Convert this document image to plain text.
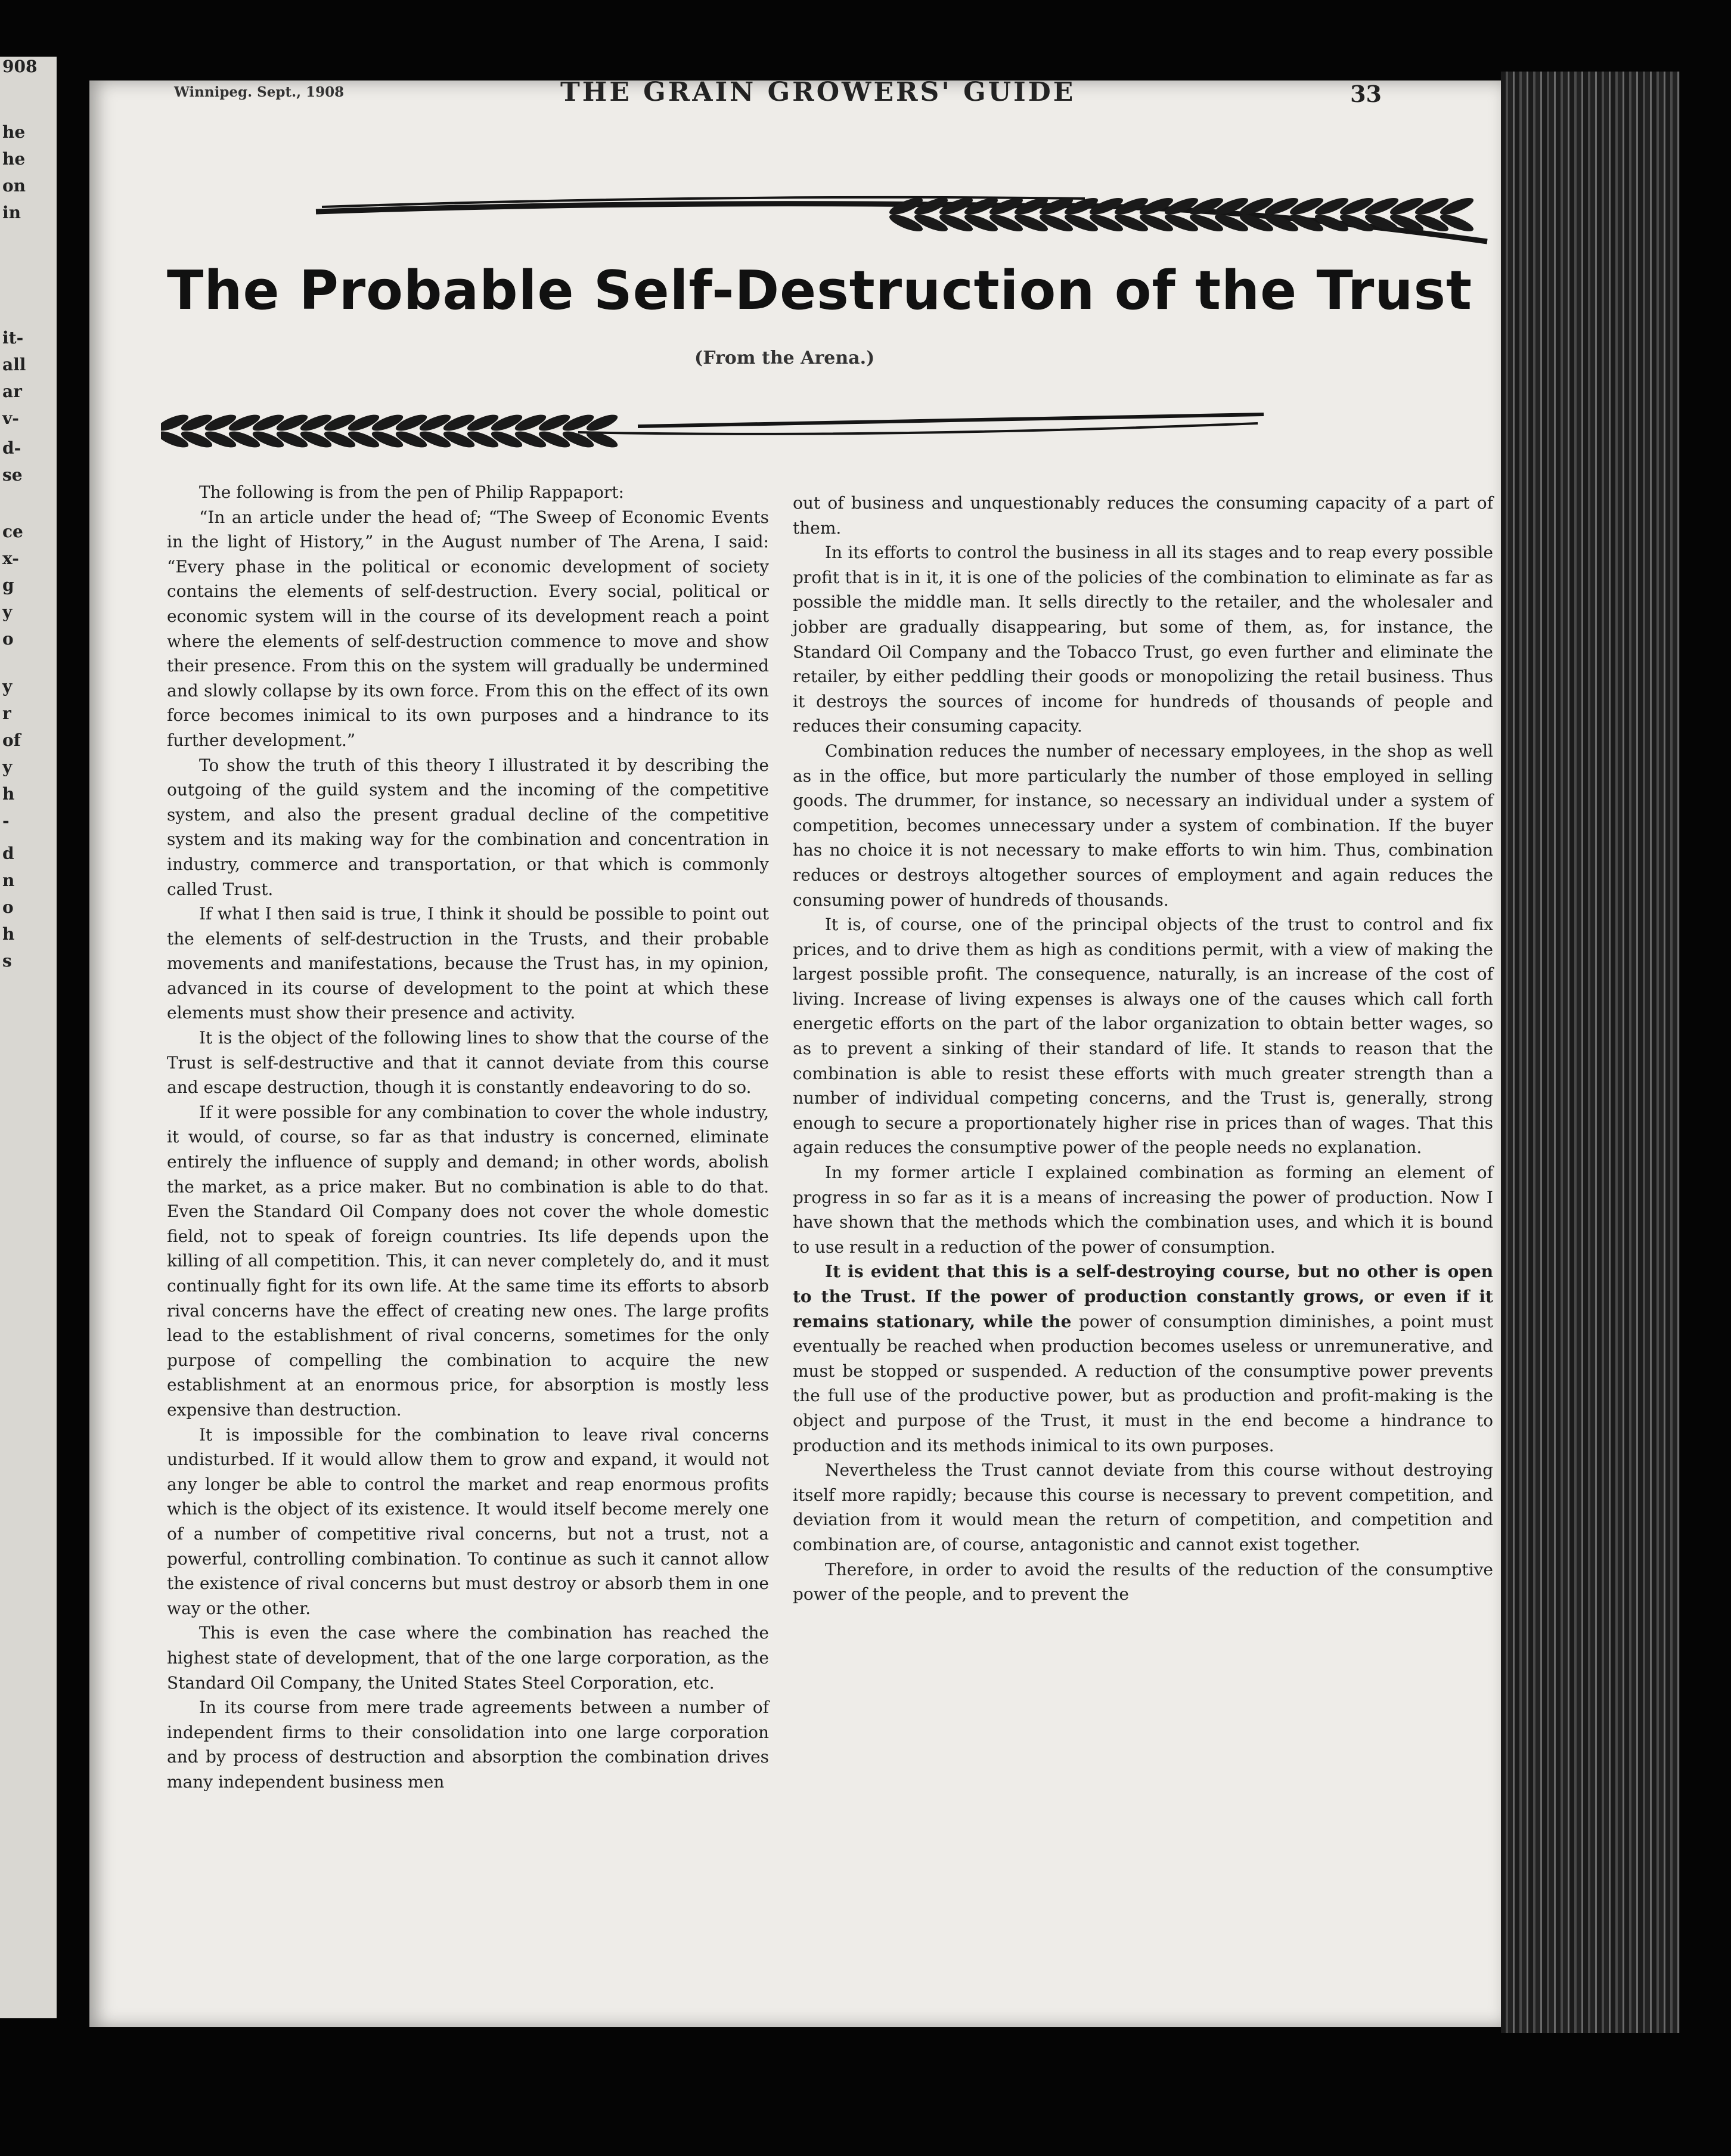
908
he
he
on
in
it-
all
ar
v-
d-
se
ce
x-
g
y
o
y
r
of
y
h
-
d
n
o
h
s
Winnipeg. Sept., 1908	THE GRAIN GROWERS' GUIDE	33
The Probable Self-Destruction of the Trust
(From the Arena.)

The following is from the pen of Philip Rappaport:

“In an article under the head of; “The Sweep of Economic Events in the light of History,” in the August number of The Arena, I said: “Every phase in the political or economic development of society contains the elements of self-destruction. Every social, political or economic system will in the course of its development reach a point where the elements of self-destruction commence to move and show their presence. From this on the system will gradually be undermined and slowly collapse by its own force. From this on the effect of its own force becomes inimical to its own purposes and a hindrance to its further development.”

To show the truth of this theory I illustrated it by describing the outgoing of the guild system and the incoming of the competitive system, and also the present gradual decline of the competitive system and its making way for the combination and concentration in industry, commerce and transportation, or that which is commonly called Trust.

If what I then said is true, I think it should be possible to point out the elements of self-destruction in the Trusts, and their probable movements and manifestations, because the Trust has, in my opinion, advanced in its course of development to the point at which these elements must show their presence and activity.

It is the object of the following lines to show that the course of the Trust is self-destructive and that it cannot deviate from this course and escape destruction, though it is constantly endeavoring to do so.

If it were possible for any combination to cover the whole industry, it would, of course, so far as that industry is concerned, eliminate entirely the influence of supply and demand; in other words, abolish the market, as a price maker. But no combination is able to do that. Even the Standard Oil Company does not cover the whole domestic field, not to speak of foreign countries. Its life depends upon the killing of all competition. This, it can never completely do, and it must continually fight for its own life. At the same time its efforts to absorb rival concerns have the effect of creating new ones. The large profits lead to the establishment of rival concerns, sometimes for the only purpose of compelling the combination to acquire the new establishment at an enormous price, for absorption is mostly less expensive than destruction.

It is impossible for the combination to leave rival concerns undisturbed. If it would allow them to grow and expand, it would not any longer be able to control the market and reap enormous profits which is the object of its existence. It would itself become merely one of a number of competitive rival concerns, but not a trust, not a powerful, controlling combination. To continue as such it cannot allow the existence of rival concerns but must destroy or absorb them in one way or the other.

This is even the case where the combination has reached the highest state of development, that of the one large corporation, as the Standard Oil Company, the United States Steel Corporation, etc.

In its course from mere trade agreements between a number of independent firms to their consolidation into one large corporation and by process of destruction and absorption the combination drives many independent business men

out of business and unquestionably reduces the consuming capacity of a part of them.

In its efforts to control the business in all its stages and to reap every possible profit that is in it, it is one of the policies of the combination to eliminate as far as possible the middle man. It sells directly to the retailer, and the wholesaler and jobber are gradually disappearing, but some of them, as, for instance, the Standard Oil Company and the Tobacco Trust, go even further and eliminate the retailer, by either peddling their goods or monopolizing the retail business. Thus it destroys the sources of income for hundreds of thousands of people and reduces their consuming capacity.

Combination reduces the number of necessary employees, in the shop as well as in the office, but more particularly the number of those employed in selling goods. The drummer, for instance, so necessary an individual under a system of competition, becomes unnecessary under a system of combination. If the buyer has no choice it is not necessary to make efforts to win him. Thus, combination reduces or destroys altogether sources of employment and again reduces the consuming power of hundreds of thousands.

It is, of course, one of the principal objects of the trust to control and fix prices, and to drive them as high as conditions permit, with a view of making the largest possible profit. The consequence, naturally, is an increase of the cost of living. Increase of living expenses is always one of the causes which call forth energetic efforts on the part of the labor organization to obtain better wages, so as to prevent a sinking of their standard of life. It stands to reason that the combination is able to resist these efforts with much greater strength than a number of individual competing concerns, and the Trust is, generally, strong enough to secure a proportionately higher rise in prices than of wages. That this again reduces the consumptive power of the people needs no explanation.

In my former article I explained combination as forming an element of progress in so far as it is a means of increasing the power of production. Now I have shown that the methods which the combination uses, and which it is bound to use result in a reduction of the power of consumption.

It is evident that this is a self-destroying course, but no other is open to the Trust. If the power of production constantly grows, or even if it remains stationary, while the power of consumption diminishes, a point must eventually be reached when production becomes useless or unremunerative, and must be stopped or suspended. A reduction of the consumptive power prevents the full use of the productive power, but as production and profit-making is the object and purpose of the Trust, it must in the end become a hindrance to production and its methods inimical to its own purposes.

Nevertheless the Trust cannot deviate from this course without destroying itself more rapidly; because this course is necessary to prevent competition, and deviation from it would mean the return of competition, and competition and combination are, of course, antagonistic and cannot exist together.

Therefore, in order to avoid the results of the reduction of the consumptive power of the people, and to prevent the
